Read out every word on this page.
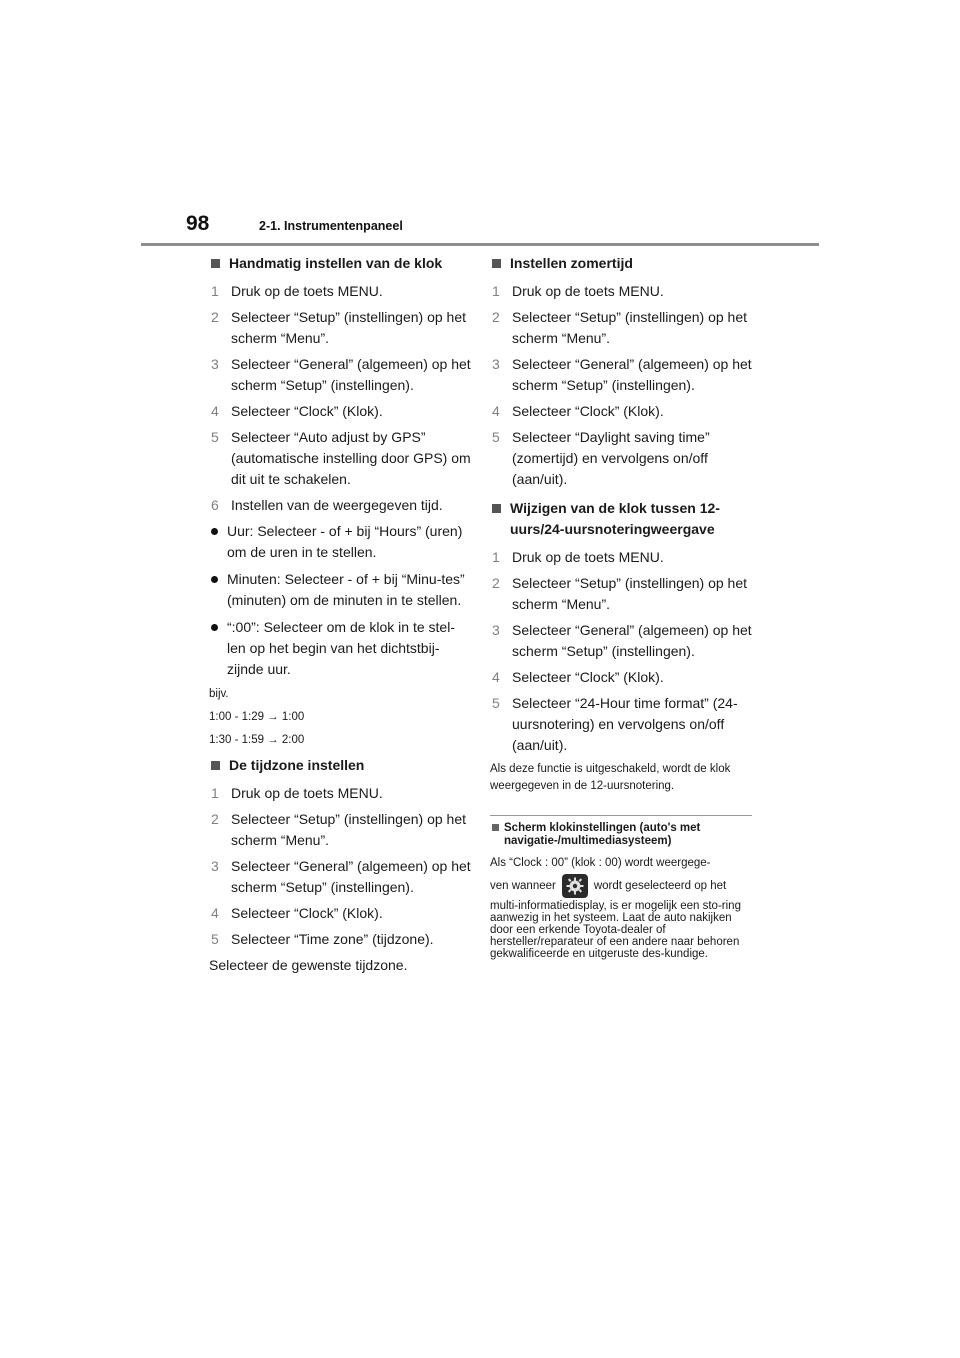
98	2-1. Instrumentenpaneel
Handmatig instellen van de klok
1 Druk op de toets MENU.
2 Selecteer “Setup” (instellingen) op het scherm “Menu”.
3 Selecteer “General” (algemeen) op het scherm “Setup” (instellingen).
4 Selecteer “Clock” (Klok).
5 Selecteer “Auto adjust by GPS” (automatische instelling door GPS) om dit uit te schakelen.
6 Instellen van de weergegeven tijd.
Uur: Selecteer - of + bij “Hours” (uren) om de uren in te stellen.
Minuten: Selecteer - of + bij “Minu-tes” (minuten) om de minuten in te stellen.
“:00”: Selecteer om de klok in te stel-len op het begin van het dichtstbij-zijnde uur.
bijv.
1:00 - 1:29 → 1:00
1:30 - 1:59 → 2:00
De tijdzone instellen
1 Druk op de toets MENU.
2 Selecteer “Setup” (instellingen) op het scherm “Menu”.
3 Selecteer “General” (algemeen) op het scherm “Setup” (instellingen).
4 Selecteer “Clock” (Klok).
5 Selecteer “Time zone” (tijdzone).
Selecteer de gewenste tijdzone.
Instellen zomertijd
1 Druk op de toets MENU.
2 Selecteer “Setup” (instellingen) op het scherm “Menu”.
3 Selecteer “General” (algemeen) op het scherm “Setup” (instellingen).
4 Selecteer “Clock” (Klok).
5 Selecteer “Daylight saving time” (zomertijd) en vervolgens on/off (aan/uit).
Wijzigen van de klok tussen 12-uurs/24-uursnoteringweergave
1 Druk op de toets MENU.
2 Selecteer “Setup” (instellingen) op het scherm “Menu”.
3 Selecteer “General” (algemeen) op het scherm “Setup” (instellingen).
4 Selecteer “Clock” (Klok).
5 Selecteer “24-Hour time format” (24-uursnotering) en vervolgens on/off (aan/uit).
Als deze functie is uitgeschakeld, wordt de klok weergegeven in de 12-uursnotering.
Scherm klokinstellingen (auto's met navigatie-/multimediasysteem)
Als “Clock : 00” (klok : 00) wordt weergege-
ven wanneer	wordt geselecteerd op het
multi-informatiedisplay, is er mogelijk een sto-ring aanwezig in het systeem. Laat de auto nakijken door een erkende Toyota-dealer of hersteller/reparateur of een andere naar behoren gekwalificeerde en uitgeruste des-kundige.
